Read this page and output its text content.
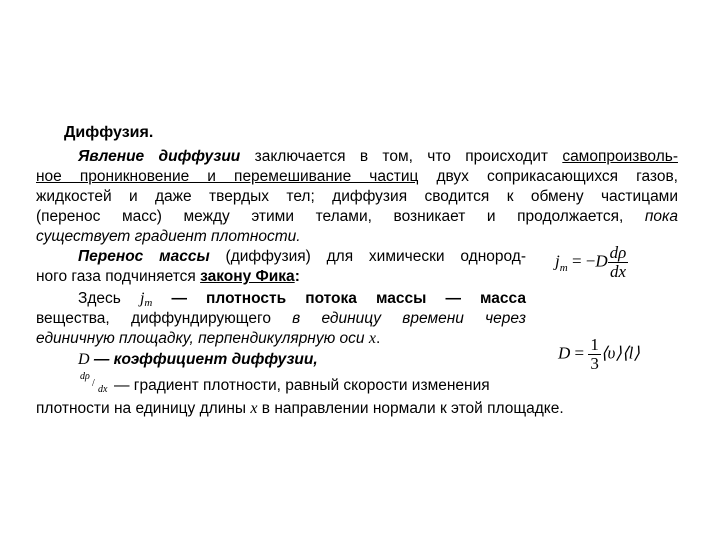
Диффузия.
Явление диффузии заключается в том, что происходит самопроизволь-
ное проникновение и перемешивание частиц двух соприкасающихся газов,
жидкостей и даже твердых тел; диффузия сводится к обмену частицами
(перенос масс) между этими телами, возникает и продолжается, пока
существует градиент плотности.
Перенос массы (диффузия) для химически однород-
ного газа подчиняется закону Фика:
$j_m = -D \frac{d\rho}{dx}$
Здесь $j_m$ — плотность потока массы — масса
вещества, диффундирующего в единицу времени через
единичную площадку, перпендикулярную оси x.
D — коэффициент диффузии,	$D = \frac{1}{3}$ ⟨υ⟩⟨l⟩
dρ
/
dx — градиент плотности, равный скорости изменения
плотности на единицу длины x в направлении нормали к этой площадке.
